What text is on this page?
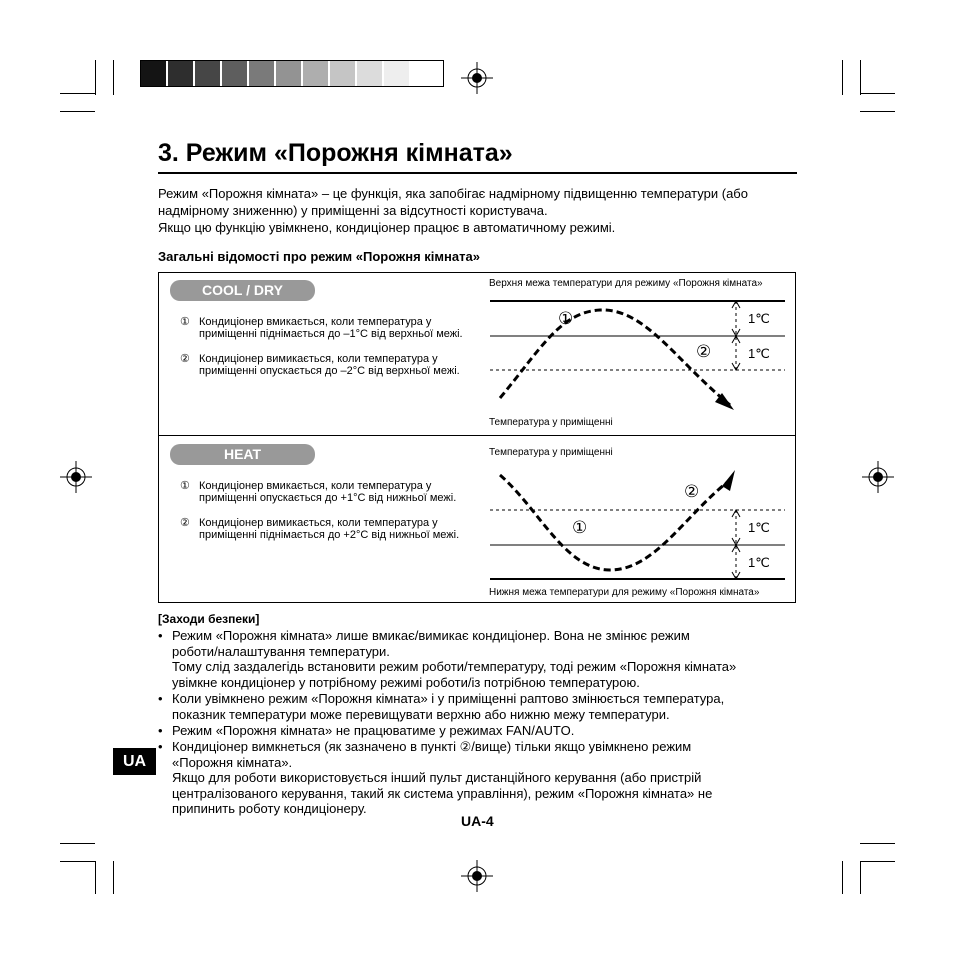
3. Режим «Порожня кімната»
Режим «Порожня кімната» – це функція, яка запобігає надмірному підвищенню температури (або
надмірному зниженню) у приміщенні за відсутності користувача.
Якщо цю функцію увімкнено, кондиціонер працює в автоматичному режимі.
Загальні відомості про режим «Порожня кімната»
COOL / DRY
① Кондиціонер вмикається, коли температура у приміщенні піднімається до –1°C від верхньої межі.
② Кондиціонер вимикається, коли температура у приміщенні опускається до –2°C від верхньої межі.
Верхня межа температури для режиму «Порожня кімната»
Температура у приміщенні
①
②
1℃
1℃
HEAT
① Кондиціонер вмикається, коли температура у приміщенні опускається до +1°C від нижньої межі.
② Кондиціонер вимикається, коли температура у приміщенні піднімається до +2°C від нижньої межі.
Температура у приміщенні
Нижня межа температури для режиму «Порожня кімната»
②
①	1℃
1℃
[Заходи безпеки]
• Режим «Порожня кімната» лише вмикає/вимикає кондиціонер. Вона не змінює режим
роботи/налаштування температури.
Тому слід заздалегідь встановити режим роботи/температуру, тоді режим «Порожня кімната»
увімкне кондиціонер у потрібному режимі роботи/із потрібною температурою.
• Коли увімкнено режим «Порожня кімната» і у приміщенні раптово змінюється температура,
показник температури може перевищувати верхню або нижню межу температури.
• Режим «Порожня кімната» не працюватиме у режимах FAN/AUTO.
• Кондиціонер вимкнеться (як зазначено в пункті ②/вище) тільки якщо увімкнено режим
«Порожня кімната».
Якщо для роботи використовується інший пульт дистанційного керування (або пристрій
централізованого керування, такий як система управління), режим «Порожня кімната» не
припинить роботу кондиціонеру.
UA
UA-4
